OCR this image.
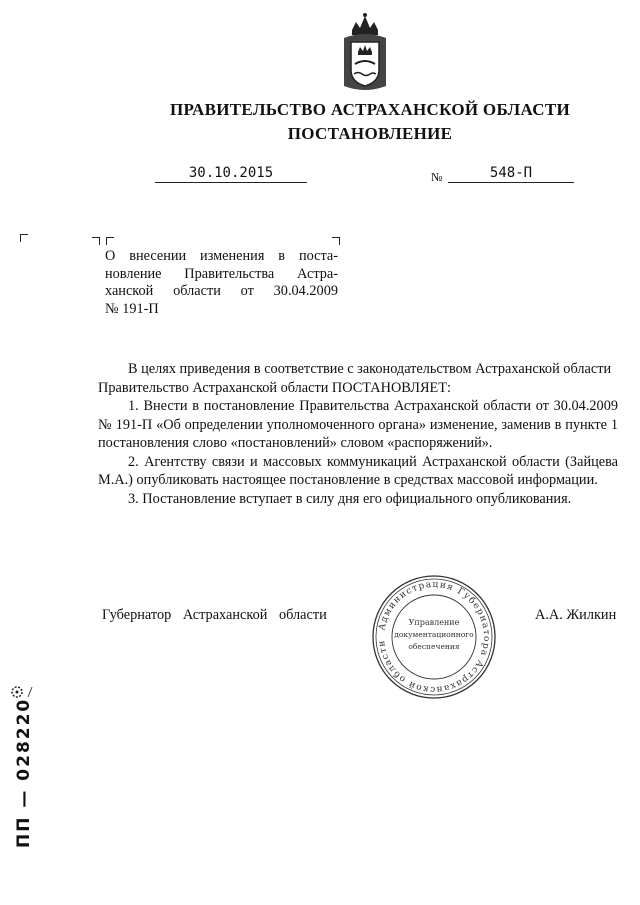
ПРАВИТЕЛЬСТВО АСТРАХАНСКОЙ ОБЛАСТИ
ПОСТАНОВЛЕНИЕ
30.10.2015	№	548-П
О внесении изменения в поста-
новление Правительства Астра-
ханской области от 30.04.2009
№ 191-П

В целях приведения в соответствие с законодательством Астраханской области

Правительство Астраханской области ПОСТАНОВЛЯЕТ:

1. Внести в постановление Правительства Астраханской области от 30.04.2009 № 191-П «Об определении уполномоченного органа» изменение, заменив в пункте 1 постановления слово «постановлений» словом «распоряжений».

2. Агентству связи и массовых коммуникаций Астраханской области (Зайцева М.А.) опубликовать настоящее постановление в средствах массовой информации.

3. Постановление вступает в силу дня его официального опубликования.

Губернатор Астраханской области	А.А. Жилкин
Администрация Губернатора Астраханской области
Управление
документационного
обеспечения
ПП — 028220
